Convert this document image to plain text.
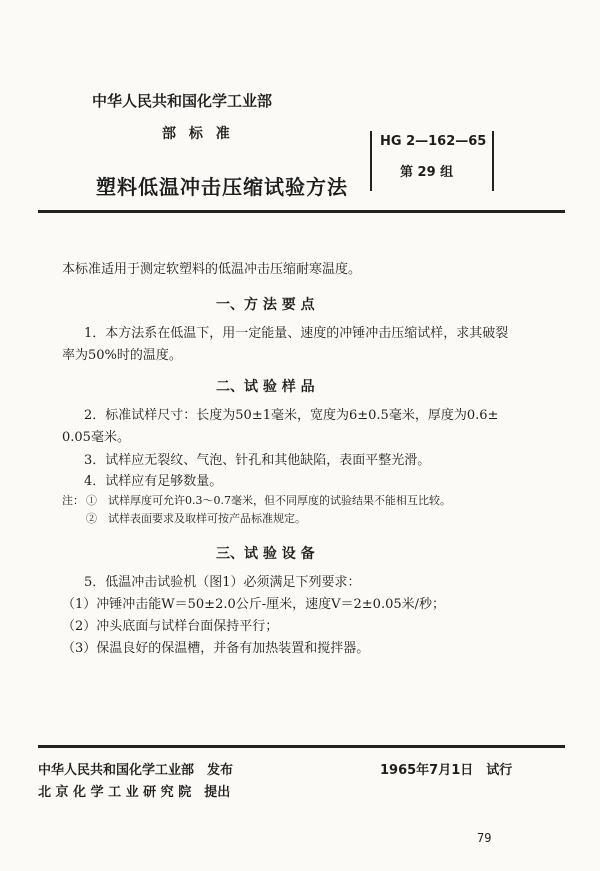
中华人民共和国化学工业部
部 标 准
塑料低温冲击压缩试验方法
HG 2—162—65
第 29 组
本标准适用于测定软塑料的低温冲击压缩耐寒温度。
一、方 法 要 点
1．本方法系在低温下，用一定能量、速度的冲锤冲击压缩试样，求其破裂
率为50%时的温度。
二、试 验 样 品
2．标准试样尺寸：长度为50±1毫米，宽度为6±0.5毫米，厚度为0.6±
0.05毫米。
3．试样应无裂纹、气泡、针孔和其他缺陷，表面平整光滑。
4．试样应有足够数量。
注： ①　试样厚度可允许0.3～0.7毫米，但不同厚度的试验结果不能相互比较。
②　试样表面要求及取样可按产品标准规定。
三、试 验 设 备
5．低温冲击试验机（图1）必须满足下列要求：
（1）冲锤冲击能W＝50±2.0公斤-厘米，速度V＝2±0.05米/秒；
（2）冲头底面与试样台面保持平行；
（3）保温良好的保温槽，并备有加热装置和搅拌器。
中华人民共和国化学工业部　发布
北 京 化 学 工 业 研 究 院　提出
1965年7月1日　试行
79
